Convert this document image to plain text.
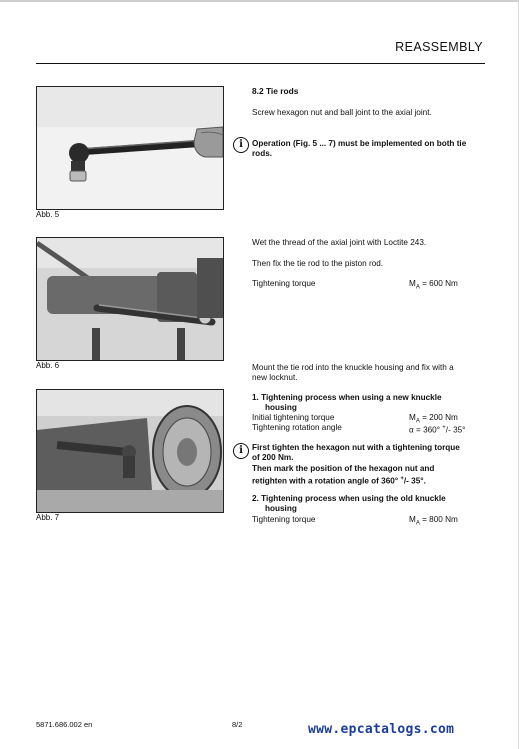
REASSEMBLY
Abb. 5
Abb. 6
Abb. 7
8.2 Tie rods
Screw hexagon nut and ball joint to the axial joint.
i	Operation (Fig. 5 ... 7) must be implemented on both tie
rods.
Wet the thread of the axial joint with Loctite 243.
Then fix the tie rod to the piston rod.
Tightening torque	$M_A = 600$ Nm
Mount the tie rod into the knuckle housing and fix with a
new locknut.
1. Tightening process when using a new knuckle
housing
Initial tightening torque	$M_A = 200$ Nm
Tightening rotation angle	α = 360° +/- 35°
i	First tighten the hexagon nut with a tightening torque
of 200 Nm.
Then mark the position of the hexagon nut and
retighten with a rotation angle of 360° +/- 35°.
2. Tightening process when using the old knuckle
housing
Tightening torque	$M_A = 800$ Nm
5871.686.002 en	8/2	www.epcatalogs.com
